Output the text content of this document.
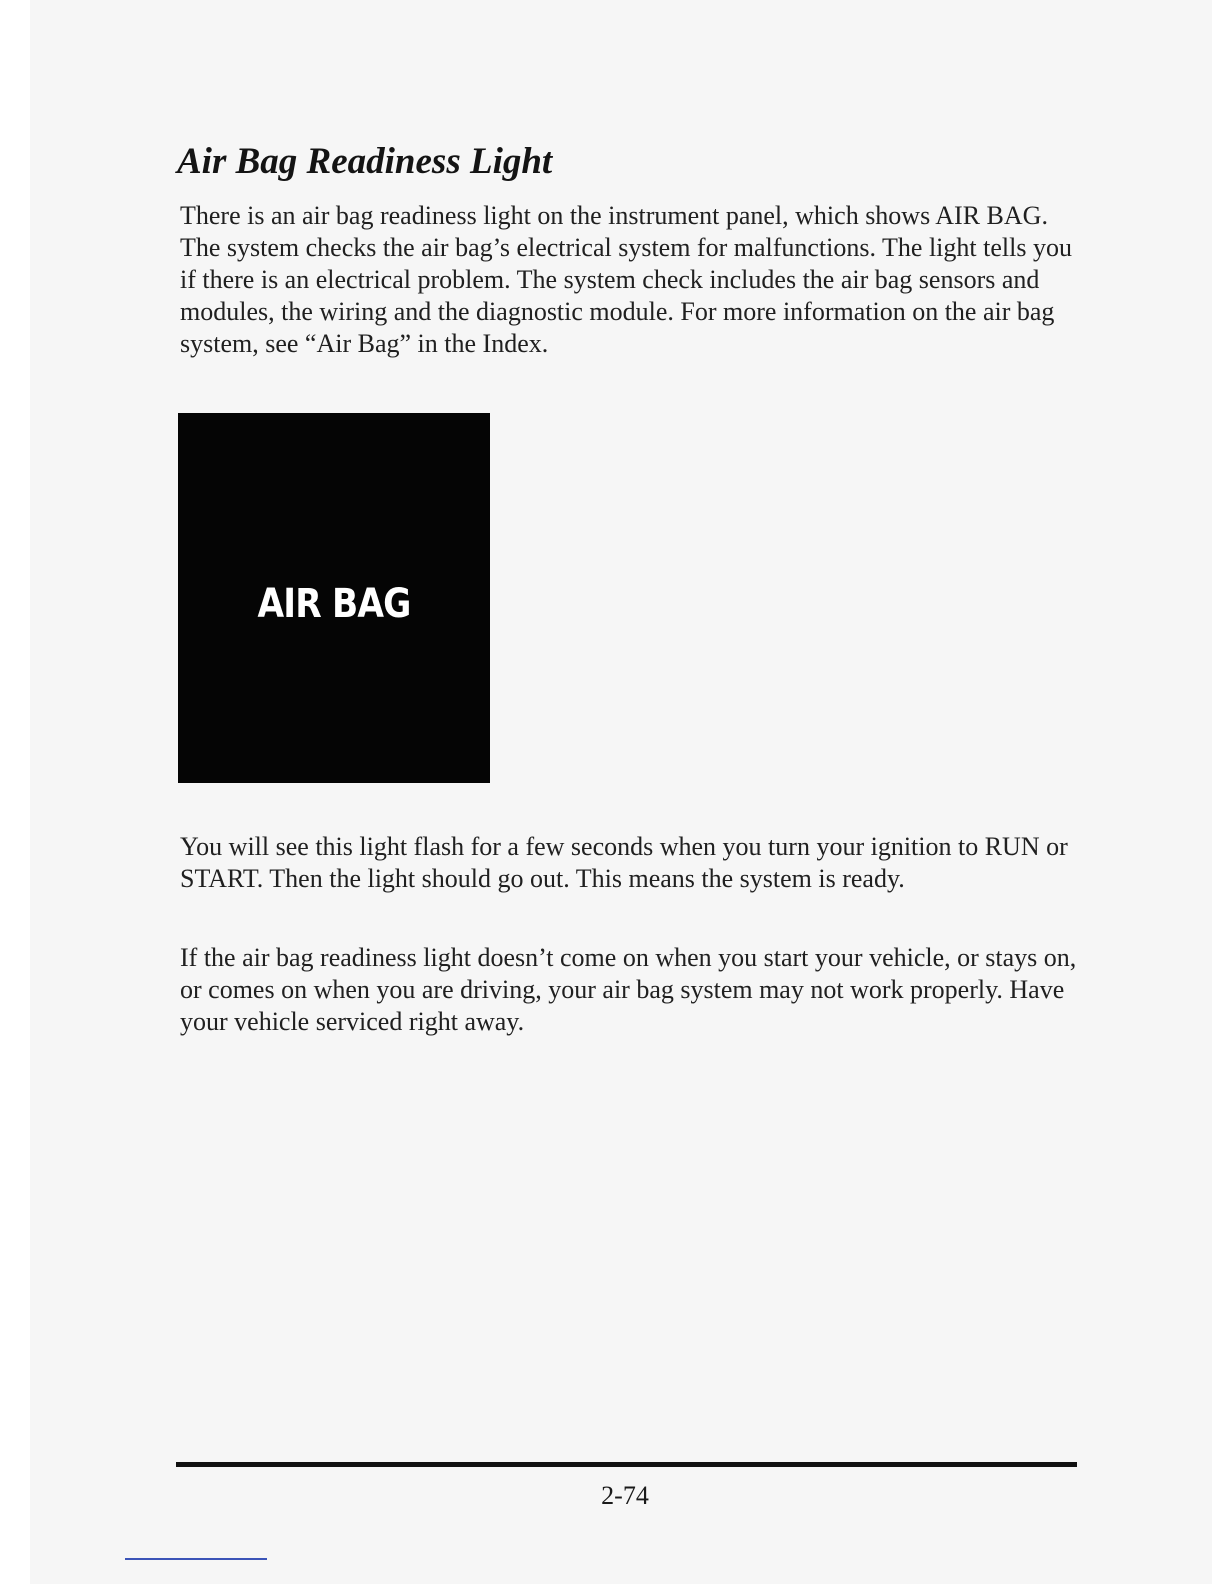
Air Bag Readiness Light

There is an air bag readiness light on the instrument panel, which shows AIR BAG. The system checks the air bag’s electrical system for malfunctions. The light tells you if there is an electrical problem. The system check includes the air bag sensors and modules, the wiring and the diagnostic module. For more information on the air bag system, see “Air Bag” in the Index.

AIR BAG

You will see this light flash for a few seconds when you turn your ignition to RUN or START. Then the light should go out. This means the system is ready.

If the air bag readiness light doesn’t come on when you start your vehicle, or stays on, or comes on when you are driving, your air bag system may not work properly. Have your vehicle serviced right away.

2-74
